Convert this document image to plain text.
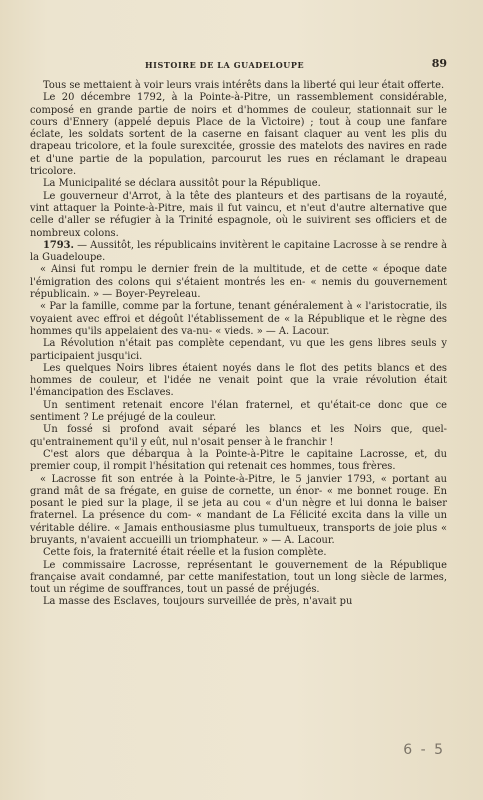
HISTOIRE DE LA GUADELOUPE	89

Tous se mettaient à voir leurs vrais intérêts dans la liberté qui leur était offerte.

Le 20 décembre 1792, à la Pointe-à-Pitre, un rassemblement considérable, composé en grande partie de noirs et d'hommes de couleur, stationnait sur le cours d'Ennery (appelé depuis Place de la Victoire) ; tout à coup une fanfare éclate, les soldats sortent de la caserne en faisant claquer au vent les plis du drapeau tricolore, et la foule surexcitée, grossie des matelots des navires en rade et d'une partie de la population, parcourut les rues en réclamant le drapeau tricolore.

La Municipalité se déclara aussitôt pour la République.

Le gouverneur d'Arrot, à la tête des planteurs et des partisans de la royauté, vint attaquer la Pointe-à-Pitre, mais il fut vaincu, et n'eut d'autre alternative que celle d'aller se réfugier à la Trinité espagnole, où le suivirent ses officiers et de nombreux colons.

1793. — Aussitôt, les républicains invitèrent le capitaine Lacrosse à se rendre à la Guadeloupe.

« Ainsi fut rompu le dernier frein de la multitude, et de cette « époque date l'émigration des colons qui s'étaient montrés les en- « nemis du gouvernement républicain. » — Boyer-Peyreleau.

« Par la famille, comme par la fortune, tenant généralement à « l'aristocratie, ils voyaient avec effroi et dégoût l'établissement de « la République et le règne des hommes qu'ils appelaient des va-nu- « vieds. » — A. Lacour.

La Révolution n'était pas complète cependant, vu que les gens libres seuls y participaient jusqu'ici.

Les quelques Noirs libres étaient noyés dans le flot des petits blancs et des hommes de couleur, et l'idée ne venait point que la vraie révolution était l'émancipation des Esclaves.

Un sentiment retenait encore l'élan fraternel, et qu'était-ce donc que ce sentiment ? Le préjugé de la couleur.

Un fossé si profond avait séparé les blancs et les Noirs que, quel- qu'entrainement qu'il y eût, nul n'osait penser à le franchir !

C'est alors que débarqua à la Pointe-à-Pitre le capitaine Lacrosse, et, du premier coup, il rompit l'hésitation qui retenait ces hommes, tous frères.

« Lacrosse fit son entrée à la Pointe-à-Pitre, le 5 janvier 1793, « portant au grand mât de sa frégate, en guise de cornette, un énor- « me bonnet rouge. En posant le pied sur la plage, il se jeta au cou « d'un nègre et lui donna le baiser fraternel. La présence du com- « mandant de La Félicité excita dans la ville un véritable délire. « Jamais enthousiasme plus tumultueux, transports de joie plus « bruyants, n'avaient accueilli un triomphateur. » — A. Lacour.

Cette fois, la fraternité était réelle et la fusion complète.

Le commissaire Lacrosse, représentant le gouvernement de la République française avait condamné, par cette manifestation, tout un long siècle de larmes, tout un régime de souffrances, tout un passé de préjugés.

La masse des Esclaves, toujours surveillée de près, n'avait pu

6 - 5
